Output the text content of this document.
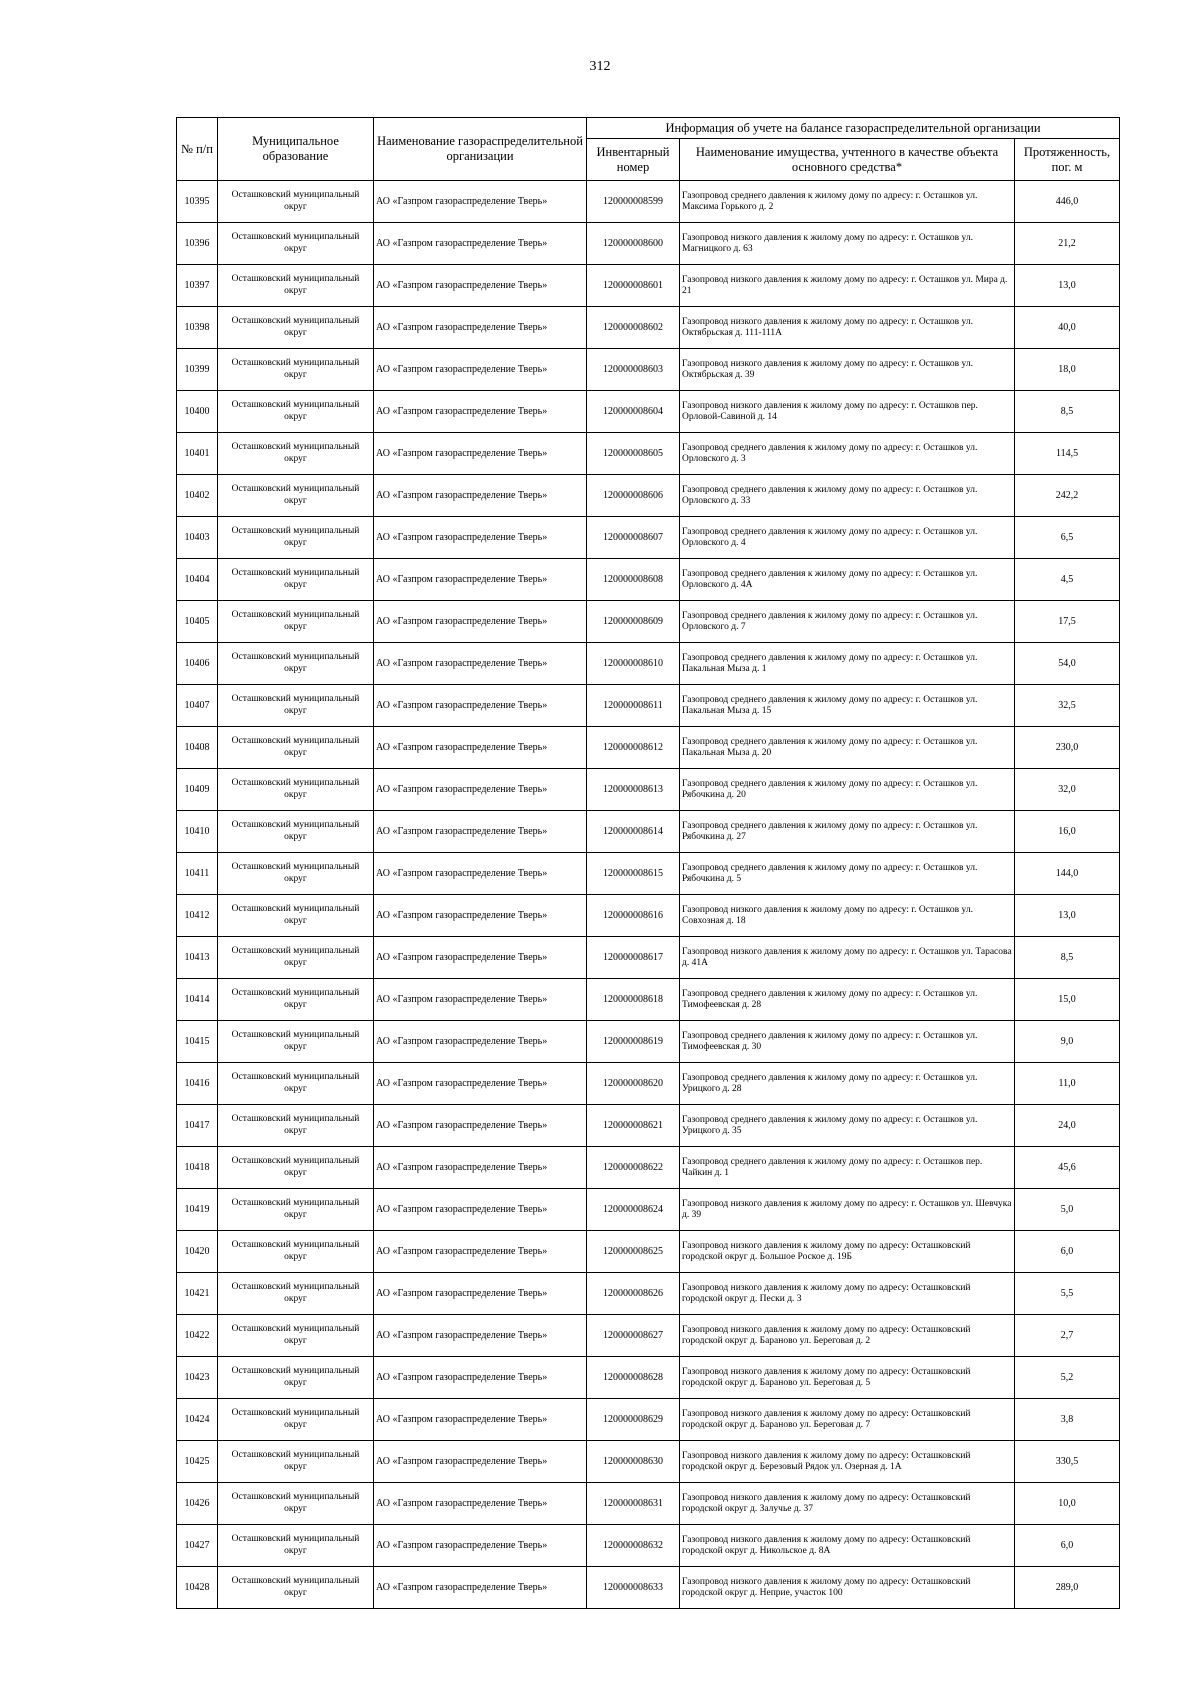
312
№ п/п	Муниципальное образование	Наименование газораспределительной организации	Информация об учете на балансе газораспределительной организации		
			Инвентарный номер	Наименование имущества, учтенного в качестве объекта основного средства*	Протяженность, пог. м
10395	Осташковский муниципальный округ	АО «Газпром газораспределение Тверь»	120000008599	Газопровод среднего давления к жилому дому по адресу: г. Осташков ул. Максима Горького д. 2	446,0
10396	Осташковский муниципальный округ	АО «Газпром газораспределение Тверь»	120000008600	Газопровод низкого давления к жилому дому по адресу: г. Осташков ул. Магницкого д. 63	21,2
10397	Осташковский муниципальный округ	АО «Газпром газораспределение Тверь»	120000008601	Газопровод низкого давления к жилому дому по адресу: г. Осташков ул. Мира д. 21	13,0
10398	Осташковский муниципальный округ	АО «Газпром газораспределение Тверь»	120000008602	Газопровод низкого давления к жилому дому по адресу: г. Осташков ул. Октябрьская д. 111-111А	40,0
10399	Осташковский муниципальный округ	АО «Газпром газораспределение Тверь»	120000008603	Газопровод низкого давления к жилому дому по адресу: г. Осташков ул. Октябрьская д. 39	18,0
10400	Осташковский муниципальный округ	АО «Газпром газораспределение Тверь»	120000008604	Газопровод низкого давления к жилому дому по адресу: г. Осташков пер. Орловой-Савиной д. 14	8,5
10401	Осташковский муниципальный округ	АО «Газпром газораспределение Тверь»	120000008605	Газопровод среднего давления к жилому дому по адресу: г. Осташков ул. Орловского д. 3	114,5
10402	Осташковский муниципальный округ	АО «Газпром газораспределение Тверь»	120000008606	Газопровод среднего давления к жилому дому по адресу: г. Осташков ул. Орловского д. 33	242,2
10403	Осташковский муниципальный округ	АО «Газпром газораспределение Тверь»	120000008607	Газопровод среднего давления к жилому дому по адресу: г. Осташков ул. Орловского д. 4	6,5
10404	Осташковский муниципальный округ	АО «Газпром газораспределение Тверь»	120000008608	Газопровод среднего давления к жилому дому по адресу: г. Осташков ул. Орловского д. 4А	4,5
10405	Осташковский муниципальный округ	АО «Газпром газораспределение Тверь»	120000008609	Газопровод среднего давления к жилому дому по адресу: г. Осташков ул. Орловского д. 7	17,5
10406	Осташковский муниципальный округ	АО «Газпром газораспределение Тверь»	120000008610	Газопровод среднего давления к жилому дому по адресу: г. Осташков ул. Пакальная Мыза д. 1	54,0
10407	Осташковский муниципальный округ	АО «Газпром газораспределение Тверь»	120000008611	Газопровод среднего давления к жилому дому по адресу: г. Осташков ул. Пакальная Мыза д. 15	32,5
10408	Осташковский муниципальный округ	АО «Газпром газораспределение Тверь»	120000008612	Газопровод среднего давления к жилому дому по адресу: г. Осташков ул. Пакальная Мыза д. 20	230,0
10409	Осташковский муниципальный округ	АО «Газпром газораспределение Тверь»	120000008613	Газопровод среднего давления к жилому дому по адресу: г. Осташков ул. Рябочкина д. 20	32,0
10410	Осташковский муниципальный округ	АО «Газпром газораспределение Тверь»	120000008614	Газопровод среднего давления к жилому дому по адресу: г. Осташков ул. Рябочкина д. 27	16,0
10411	Осташковский муниципальный округ	АО «Газпром газораспределение Тверь»	120000008615	Газопровод среднего давления к жилому дому по адресу: г. Осташков ул. Рябочкина д. 5	144,0
10412	Осташковский муниципальный округ	АО «Газпром газораспределение Тверь»	120000008616	Газопровод низкого давления к жилому дому по адресу: г. Осташков ул. Совхозная д. 18	13,0
10413	Осташковский муниципальный округ	АО «Газпром газораспределение Тверь»	120000008617	Газопровод низкого давления к жилому дому по адресу: г. Осташков ул. Тарасова д. 41А	8,5
10414	Осташковский муниципальный округ	АО «Газпром газораспределение Тверь»	120000008618	Газопровод среднего давления к жилому дому по адресу: г. Осташков ул. Тимофеевская д. 28	15,0
10415	Осташковский муниципальный округ	АО «Газпром газораспределение Тверь»	120000008619	Газопровод среднего давления к жилому дому по адресу: г. Осташков ул. Тимофеевская д. 30	9,0
10416	Осташковский муниципальный округ	АО «Газпром газораспределение Тверь»	120000008620	Газопровод среднего давления к жилому дому по адресу: г. Осташков ул. Урицкого д. 28	11,0
10417	Осташковский муниципальный округ	АО «Газпром газораспределение Тверь»	120000008621	Газопровод среднего давления к жилому дому по адресу: г. Осташков ул. Урицкого д. 35	24,0
10418	Осташковский муниципальный округ	АО «Газпром газораспределение Тверь»	120000008622	Газопровод среднего давления к жилому дому по адресу: г. Осташков пер. Чайкин д. 1	45,6
10419	Осташковский муниципальный округ	АО «Газпром газораспределение Тверь»	120000008624	Газопровод низкого давления к жилому дому по адресу: г. Осташков ул. Шевчука д. 39	5,0
10420	Осташковский муниципальный округ	АО «Газпром газораспределение Тверь»	120000008625	Газопровод низкого давления к жилому дому по адресу: Осташковский городской округ д. Большое Роское д. 19Б	6,0
10421	Осташковский муниципальный округ	АО «Газпром газораспределение Тверь»	120000008626	Газопровод низкого давления к жилому дому по адресу: Осташковский городской округ д. Пески д. 3	5,5
10422	Осташковский муниципальный округ	АО «Газпром газораспределение Тверь»	120000008627	Газопровод низкого давления к жилому дому по адресу: Осташковский городской округ д. Бараново ул. Береговая д. 2	2,7
10423	Осташковский муниципальный округ	АО «Газпром газораспределение Тверь»	120000008628	Газопровод низкого давления к жилому дому по адресу: Осташковский городской округ д. Бараново ул. Береговая д. 5	5,2
10424	Осташковский муниципальный округ	АО «Газпром газораспределение Тверь»	120000008629	Газопровод низкого давления к жилому дому по адресу: Осташковский городской округ д. Бараново ул. Береговая д. 7	3,8
10425	Осташковский муниципальный округ	АО «Газпром газораспределение Тверь»	120000008630	Газопровод низкого давления к жилому дому по адресу: Осташковский городской округ д. Березовый Рядок ул. Озерная д. 1А	330,5
10426	Осташковский муниципальный округ	АО «Газпром газораспределение Тверь»	120000008631	Газопровод низкого давления к жилому дому по адресу: Осташковский городской округ д. Залучье д. 37	10,0
10427	Осташковский муниципальный округ	АО «Газпром газораспределение Тверь»	120000008632	Газопровод низкого давления к жилому дому по адресу: Осташковский городской округ д. Никольское д. 8А	6,0
10428	Осташковский муниципальный округ	АО «Газпром газораспределение Тверь»	120000008633	Газопровод низкого давления к жилому дому по адресу: Осташковский городской округ д. Неприе, участок 100	289,0
